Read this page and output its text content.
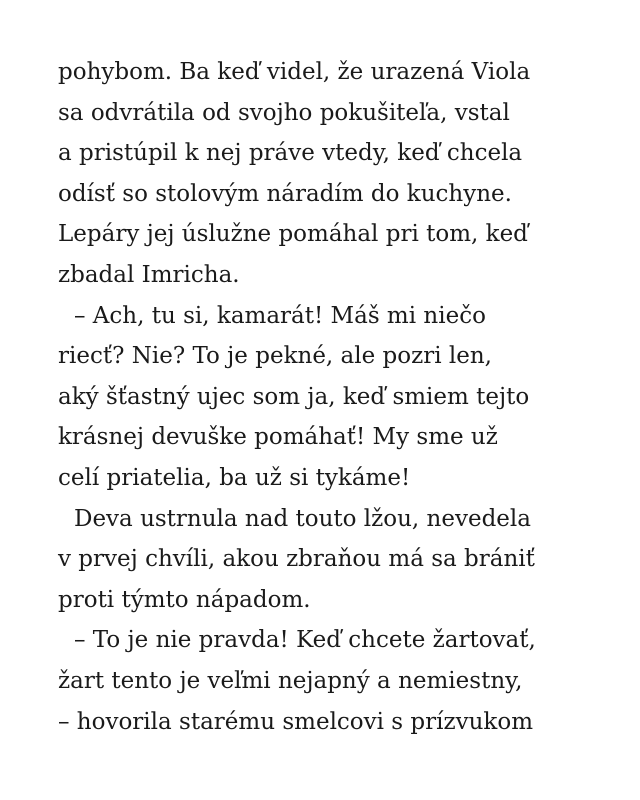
pohybom. Ba keď videl, že urazená Viola
sa odvrátila od svojho pokušiteľa, vstal
a pristúpil k nej práve vtedy, keď chcela
odísť so stolovým náradím do kuchyne.
Lepáry jej úslužne pomáhal pri tom, keď
zbadal Imricha.
– Ach, tu si, kamarát! Máš mi niečo
riecť? Nie? To je pekné, ale pozri len,
aký šťastný ujec som ja, keď smiem tejto
krásnej devuške pomáhať! My sme už
celí priatelia, ba už si tykáme!
Deva ustrnula nad touto lžou, nevedela
v prvej chvíli, akou zbraňou má sa brániť
proti týmto nápadom.
– To je nie pravda! Keď chcete žartovať,
žart tento je veľmi nejapný a nemiestny,
– hovorila starému smelcovi s prízvukom
